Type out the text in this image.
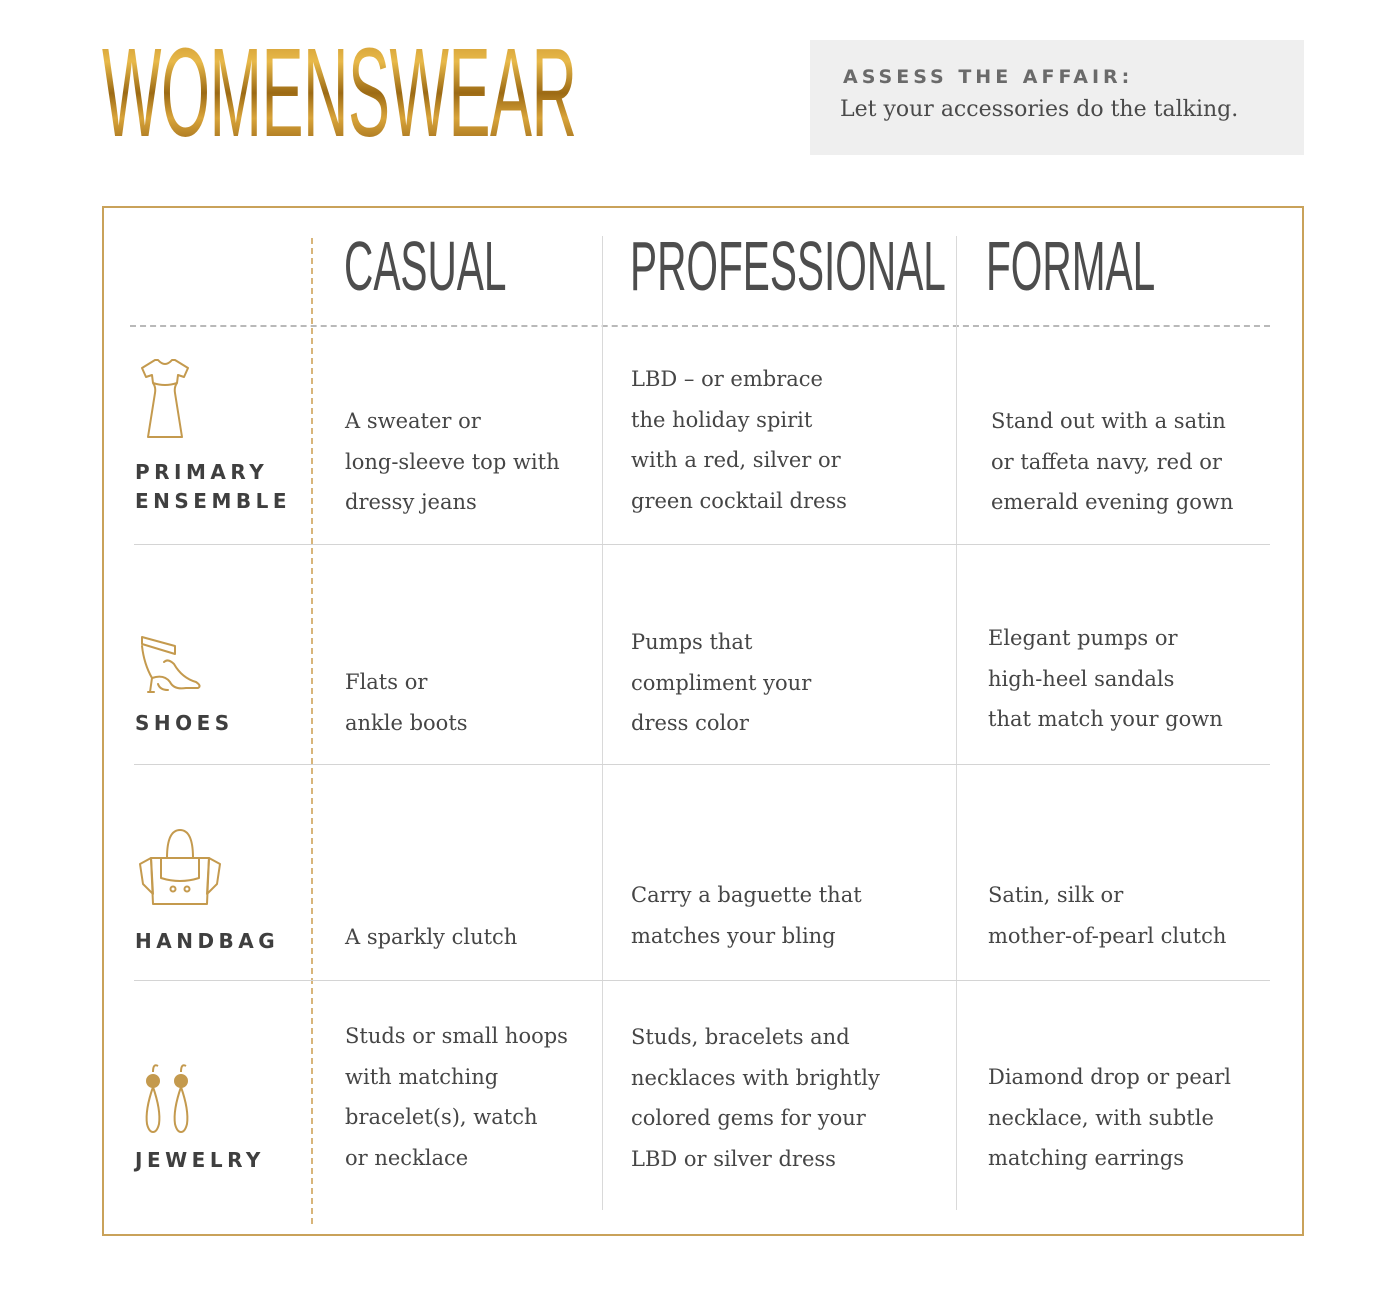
WOMENSWEAR	ASSESS THE AFFAIR:
Let your accessories do the talking.
CASUAL PROFESSIONAL FORMAL
PRIMARY
ENSEMBLE
A sweater or
long-sleeve top with
dressy jeans
LBD – or embrace
the holiday spirit
with a red, silver or
green cocktail dress
Stand out with a satin
or taffeta navy, red or
emerald evening gown
SHOES
Flats or
ankle boots
Pumps that
compliment your
dress color
Elegant pumps or
high-heel sandals
that match your gown
HANDBAG	A sparkly clutch
Carry a baguette that
matches your bling
Satin, silk or
mother-of-pearl clutch
JEWELRY
Studs or small hoops
with matching
bracelet(s), watch
or necklace
Studs, bracelets and
necklaces with brightly
colored gems for your
LBD or silver dress
Diamond drop or pearl
necklace, with subtle
matching earrings
